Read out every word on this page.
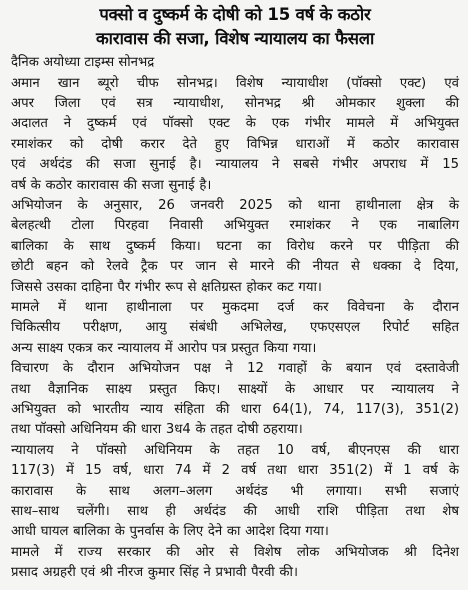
पक्सो व दुष्कर्म के दोषी को 15 वर्ष के कठोर
कारावास की सजा, विशेष न्यायालय का फैसला
दैनिक अयोध्या टाइम्स सोनभद्र
अमान खान ब्यूरो चीफ सोनभद्र। विशेष न्यायाधीश (पॉक्सो एक्ट) एवं
अपर जिला एवं सत्र न्यायाधीश, सोनभद्र श्री ओमकार शुक्ला की
अदालत ने दुष्कर्म एवं पॉक्सो एक्ट के एक गंभीर मामले में अभियुक्त
रमाशंकर को दोषी करार देते हुए विभिन्न धाराओं में कठोर कारावास
एवं अर्थदंड की सजा सुनाई है। न्यायालय ने सबसे गंभीर अपराध में 15
वर्ष के कठोर कारावास की सजा सुनाई है।
अभियोजन के अनुसार, 26 जनवरी 2025 को थाना हाथीनाला क्षेत्र के
बेलहत्थी टोला पिरहवा निवासी अभियुक्त रमाशंकर ने एक नाबालिग
बालिका के साथ दुष्कर्म किया। घटना का विरोध करने पर पीड़िता की
छोटी बहन को रेलवे ट्रैक पर जान से मारने की नीयत से धक्का दे दिया,
जिससे उसका दाहिना पैर गंभीर रूप से क्षतिग्रस्त होकर कट गया।
मामले में थाना हाथीनाला पर मुकदमा दर्ज कर विवेचना के दौरान
चिकित्सीय परीक्षण, आयु संबंधी अभिलेख, एफएसएल रिपोर्ट सहित
अन्य साक्ष्य एकत्र कर न्यायालय में आरोप पत्र प्रस्तुत किया गया।
विचारण के दौरान अभियोजन पक्ष ने 12 गवाहों के बयान एवं दस्तावेजी
तथा वैज्ञानिक साक्ष्य प्रस्तुत किए। साक्ष्यों के आधार पर न्यायालय ने
अभियुक्त को भारतीय न्याय संहिता की धारा 64(1), 74, 117(3), 351(2)
तथा पॉक्सो अधिनियम की धारा 3ध4 के तहत दोषी ठहराया।
न्यायालय ने पॉक्सो अधिनियम के तहत 10 वर्ष, बीएनएस की धारा
117(3) में 15 वर्ष, धारा 74 में 2 वर्ष तथा धारा 351(2) में 1 वर्ष के
कारावास के साथ अलग–अलग अर्थदंड भी लगाया। सभी सजाएं
साथ–साथ चलेंगी। साथ ही अर्थदंड की आधी राशि पीड़िता तथा शेष
आधी घायल बालिका के पुनर्वास के लिए देने का आदेश दिया गया।
मामले में राज्य सरकार की ओर से विशेष लोक अभियोजक श्री दिनेश
प्रसाद अग्रहरी एवं श्री नीरज कुमार सिंह ने प्रभावी पैरवी की।
